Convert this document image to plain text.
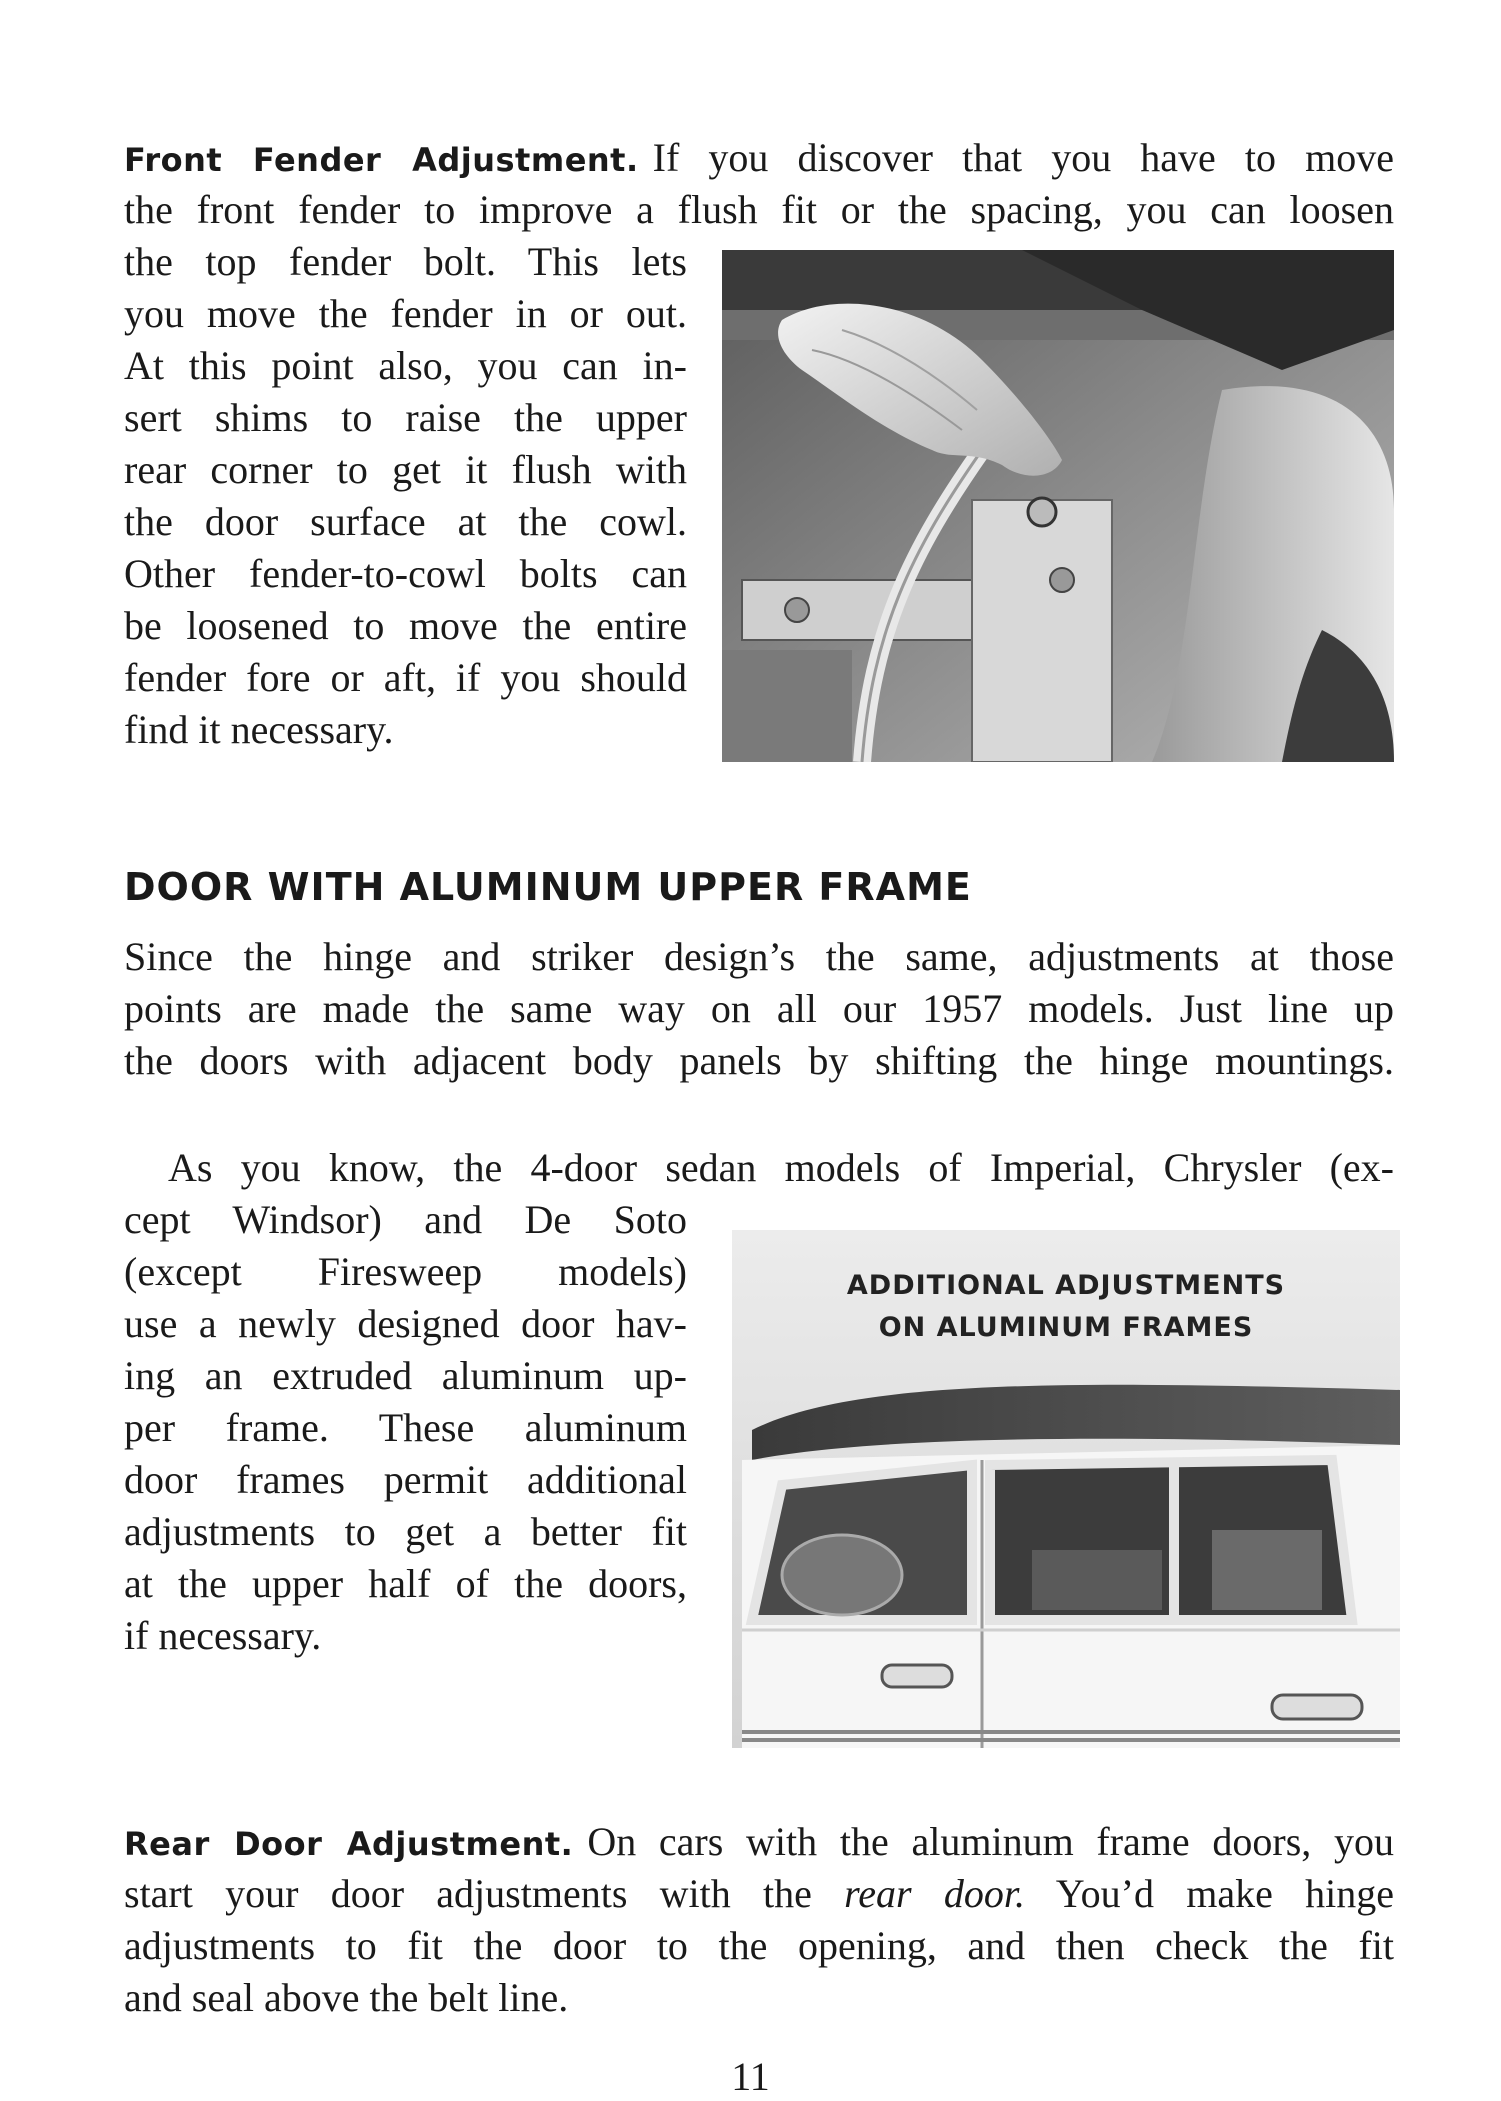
Front Fender Adjustment. If you discover that you have to move
the front fender to improve a flush fit or the spacing, you can loosen
the top fender bolt. This lets
you move the fender in or out.
At this point also, you can in-
sert shims to raise the upper
rear corner to get it flush with
the door surface at the cowl.
Other fender-to-cowl bolts can
be loosened to move the entire
fender fore or aft, if you should
find it necessary.
DOOR WITH ALUMINUM UPPER FRAME
Since the hinge and striker design’s the same, adjustments at those
points are made the same way on all our 1957 models. Just line up
the doors with adjacent body panels by shifting the hinge mountings.
As you know, the 4-door sedan models of Imperial, Chrysler (ex-
cept Windsor) and De Soto
(except Firesweep models)
use a newly designed door hav-
ing an extruded aluminum up-
per frame. These aluminum
door frames permit additional
adjustments to get a better fit
at the upper half of the doors,
if necessary.
ADDITIONAL ADJUSTMENTS
ON ALUMINUM FRAMES
Rear Door Adjustment. On cars with the aluminum frame doors, you
start your door adjustments with the rear door. You’d make hinge
adjustments to fit the door to the opening, and then check the fit
and seal above the belt line.
11
